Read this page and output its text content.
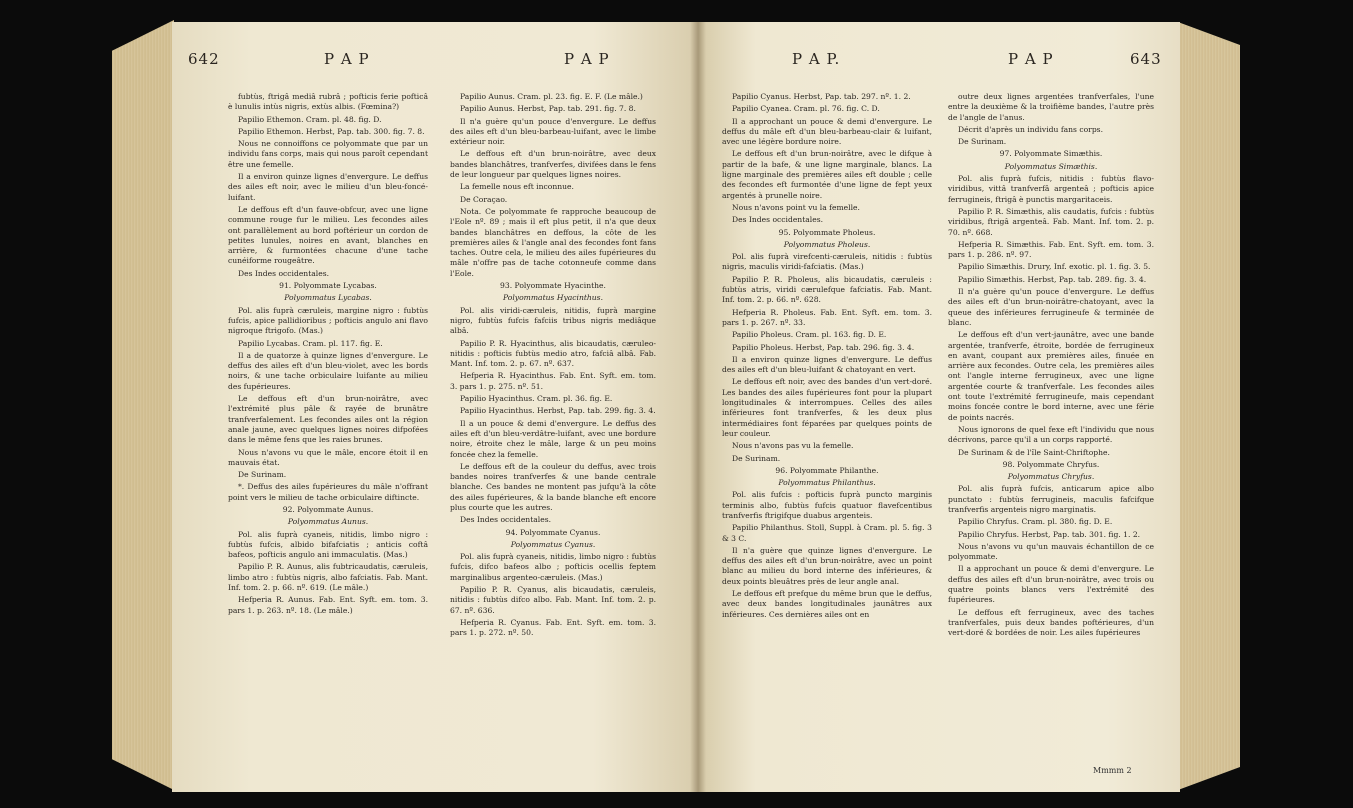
642	P A P	P A P

fubtùs, ftrigâ mediâ rubrâ ; pofticis ferie pofticâ è lunulis intùs nigris, extùs albis. (Fœmina?)

Papilio Ethemon. Cram. pl. 48. fig. D.

Papilio Ethemon. Herbst, Pap. tab. 300. fig. 7. 8.

Nous ne connoiffons ce polyommate que par un individu fans corps, mais qui nous paroît cependant être une femelle.

Il a environ quinze lignes d'envergure. Le deffus des ailes eft noir, avec le milieu d'un bleu-foncé-luifant.

Le deffous eft d'un fauve-obfcur, avec une ligne commune rouge fur le milieu. Les fecondes ailes ont parallèlement au bord poftérieur un cordon de petites lunules, noires en avant, blanches en arrière, & furmontées chacune d'une tache cunéiforme rougeâtre.

Des Indes occidentales.

91. Polyommate Lycabas.

Polyommatus Lycabas.

Pol. alis fuprà cæruleis, margine nigro : fubtùs fufcis, apice pallidioribus ; pofticis angulo ani flavo nigroque ftrigofo. (Mas.)

Papilio Lycabas. Cram. pl. 117. fig. E.

Il a de quatorze à quinze lignes d'envergure. Le deffus des ailes eft d'un bleu-violet, avec les bords noirs, & une tache orbiculaire luifante au milieu des fupérieures.

Le deffous eft d'un brun-noirâtre, avec l'extrémité plus pâle & rayée de brunâtre tranfverfalement. Les fecondes ailes ont la région anale jaune, avec quelques lignes noires difpofées dans le même fens que les raies brunes.

Nous n'avons vu que le mâle, encore étoit il en mauvais état.

De Surinam.

*. Deffus des ailes fupérieures du mâle n'offrant point vers le milieu de tache orbiculaire diftincte.

92. Polyommate Aunus.

Polyommatus Aunus.

Pol. alis fuprà cyaneis, nitidis, limbo nigro : fubtùs fufcis, albido bifafciatis ; anticis coftâ bafeos, pofticis angulo ani immaculatis. (Mas.)

Papilio P. R. Aunus, alis fubtricaudatis, cæruleis, limbo atro : fubtùs nigris, albo fafciatis. Fab. Mant. Inf. tom. 2. p. 66. nº. 619. (Le mâle.)

Hefperia R. Aunus. Fab. Ent. Syft. em. tom. 3. pars 1. p. 263. nº. 18. (Le mâle.)

Papilio Aunus. Cram. pl. 23. fig. E. F. (Le mâle.)

Papilio Aunus. Herbst, Pap. tab. 291. fig. 7. 8.

Il n'a guère qu'un pouce d'envergure. Le deffus des ailes eft d'un bleu-barbeau-luifant, avec le limbe extérieur noir.

Le deffous eft d'un brun-noirâtre, avec deux bandes blanchâtres, tranfverfes, divifées dans le fens de leur longueur par quelques lignes noires.

La femelle nous eft inconnue.

De Coraçao.

Nota. Ce polyommate fe rapproche beaucoup de l'Eole nº. 89 ; mais il eft plus petit, il n'a que deux bandes blanchâtres en deffous, la côte de les premières ailes & l'angle anal des fecondes font fans taches. Outre cela, le milieu des ailes fupérieures du mâle n'offre pas de tache cotonneufe comme dans l'Eole.

93. Polyommate Hyacinthe.

Polyommatus Hyacinthus.

Pol. alis viridi-cæruleis, nitidis, fuprà margine nigro, fubtùs fufcis fafciis tribus nigris mediâque albâ.

Papilio P. R. Hyacinthus, alis bicaudatis, cæruleo-nitidis : pofticis fubtùs medio atro, fafciâ albâ. Fab. Mant. Inf. tom. 2. p. 67. nº. 637.

Hefperia R. Hyacinthus. Fab. Ent. Syft. em. tom. 3. pars 1. p. 275. nº. 51.

Papilio Hyacinthus. Cram. pl. 36. fig. E.

Papilio Hyacinthus. Herbst, Pap. tab. 299. fig. 3. 4.

Il a un pouce & demi d'envergure. Le deffus des ailes eft d'un bleu-verdâtre-luifant, avec une bordure noire, étroite chez le mâle, large & un peu moins foncée chez la femelle.

Le deffous eft de la couleur du deffus, avec trois bandes noires tranfverfes & une bande centrale blanche. Ces bandes ne montent pas jufqu'à la côte des ailes fupérieures, & la bande blanche eft encore plus courte que les autres.

Des Indes occidentales.

94. Polyommate Cyanus.

Polyommatus Cyanus.

Pol. alis fuprà cyaneis, nitidis, limbo nigro : fubtùs fufcis, difco bafeos albo ; pofticis ocellis feptem marginalibus argenteo-cæruleis. (Mas.)

Papilio P. R. Cyanus, alis bicaudatis, cæruleis, nitidis : fubtùs difco albo. Fab. Mant. Inf. tom. 2. p. 67. nº. 636.

Hefperia R. Cyanus. Fab. Ent. Syft. em. tom. 3. pars 1. p. 272. nº. 50.

P A P.	P A P	643

Papilio Cyanus. Herbst, Pap. tab. 297. nº. 1. 2.

Papilio Cyanea. Cram. pl. 76. fig. C. D.

Il a approchant un pouce & demi d'envergure. Le deffus du mâle eft d'un bleu-barbeau-clair & luifant, avec une légère bordure noire.

Le deffous eft d'un brun-noirâtre, avec le difque à partir de la bafe, & une ligne marginale, blancs. La ligne marginale des premières ailes eft double ; celle des fecondes eft furmontée d'une ligne de fept yeux argentés à prunelle noire.

Nous n'avons point vu la femelle.

Des Indes occidentales.

95. Polyommate Pholeus.

Polyommatus Pholeus.

Pol. alis fuprà virefcenti-cæruleis, nitidis : fubtùs nigris, maculis viridi-fafciatis. (Mas.)

Papilio P. R. Pholeus, alis bicaudatis, cæruleis : fubtùs atris, viridi cærulefque fafciatis. Fab. Mant. Inf. tom. 2. p. 66. nº. 628.

Hefperia R. Pholeus. Fab. Ent. Syft. em. tom. 3. pars 1. p. 267. nº. 33.

Papilio Pholeus. Cram. pl. 163. fig. D. E.

Papilio Pholeus. Herbst, Pap. tab. 296. fig. 3. 4.

Il a environ quinze lignes d'envergure. Le deffus des ailes eft d'un bleu-luifant & chatoyant en vert.

Le deffous eft noir, avec des bandes d'un vert-doré. Les bandes des ailes fupérieures font pour la plupart longitudinales & interrompues. Celles des ailes inférieures font tranfverfes, & les deux plus intermédiaires font féparées par quelques points de leur couleur.

Nous n'avons pas vu la femelle.

De Surinam.

96. Polyommate Philanthe.

Polyommatus Philanthus.

Pol. alis fufcis : pofticis fuprà puncto marginis terminis albo, fubtùs fufcis quatuor flavefcentibus tranfverfis ftrigifque duabus argenteis.

Papilio Philanthus. Stoll, Suppl. à Cram. pl. 5. fig. 3 & 3 C.

Il n'a guère que quinze lignes d'envergure. Le deffus des ailes eft d'un brun-noirâtre, avec un point blanc au milieu du bord interne des inférieures, & deux points bleuâtres près de leur angle anal.

Le deffous eft prefque du même brun que le deffus, avec deux bandes longitudinales jaunâtres aux inférieures. Ces dernières ailes ont en

outre deux lignes argentées tranfverfales, l'une entre la deuxième & la troifième bandes, l'autre près de l'angle de l'anus.

Décrit d'après un individu fans corps.

De Surinam.

97. Polyommate Simæthis.

Polyommatus Simæthis.

Pol. alis fuprà fufcis, nitidis : fubtùs flavo-viridibus, vittâ tranfverfâ argenteâ ; pofticis apice ferrugineis, ftrigâ è punctis margaritaceis.

Papilio P. R. Simæthis, alis caudatis, fufcis : fubtùs viridibus, ftrigâ argenteâ. Fab. Mant. Inf. tom. 2. p. 70. nº. 668.

Hefperia R. Simæthis. Fab. Ent. Syft. em. tom. 3. pars 1. p. 286. nº. 97.

Papilio Simæthis. Drury, Inf. exotic. pl. 1. fig. 3. 5.

Papilio Simæthis. Herbst, Pap. tab. 289. fig. 3. 4.

Il n'a guère qu'un pouce d'envergure. Le deffus des ailes eft d'un brun-noirâtre-chatoyant, avec la queue des inférieures ferrugineufe & terminée de blanc.

Le deffous eft d'un vert-jaunâtre, avec une bande argentée, tranfverfe, étroite, bordée de ferrugineux en avant, coupant aux premières ailes, finuée en arrière aux fecondes. Outre cela, les premières ailes ont l'angle interne ferrugineux, avec une ligne argentée courte & tranfverfale. Les fecondes ailes ont toute l'extrémité ferrugineufe, mais cependant moins foncée contre le bord interne, avec une férie de points nacrés.

Nous ignorons de quel fexe eft l'individu que nous décrivons, parce qu'il a un corps rapporté.

De Surinam & de l'île Saint-Chriftophe.

98. Polyommate Chryfus.

Polyommatus Chryfus.

Pol. alis fuprà fufcis, anticarum apice albo punctato : fubtùs ferrugineis, maculis fafcifque tranfverfis argenteis nigro marginatis.

Papilio Chryfus. Cram. pl. 380. fig. D. E.

Papilio Chryfus. Herbst, Pap. tab. 301. fig. 1. 2.

Nous n'avons vu qu'un mauvais échantillon de ce polyommate.

Il a approchant un pouce & demi d'envergure. Le deffus des ailes eft d'un brun-noirâtre, avec trois ou quatre points blancs vers l'extrémité des fupérieures.

Le deffous eft ferrugineux, avec des taches tranfverfales, puis deux bandes poftérieures, d'un vert-doré & bordées de noir. Les ailes fupérieures

Mmmm 2
